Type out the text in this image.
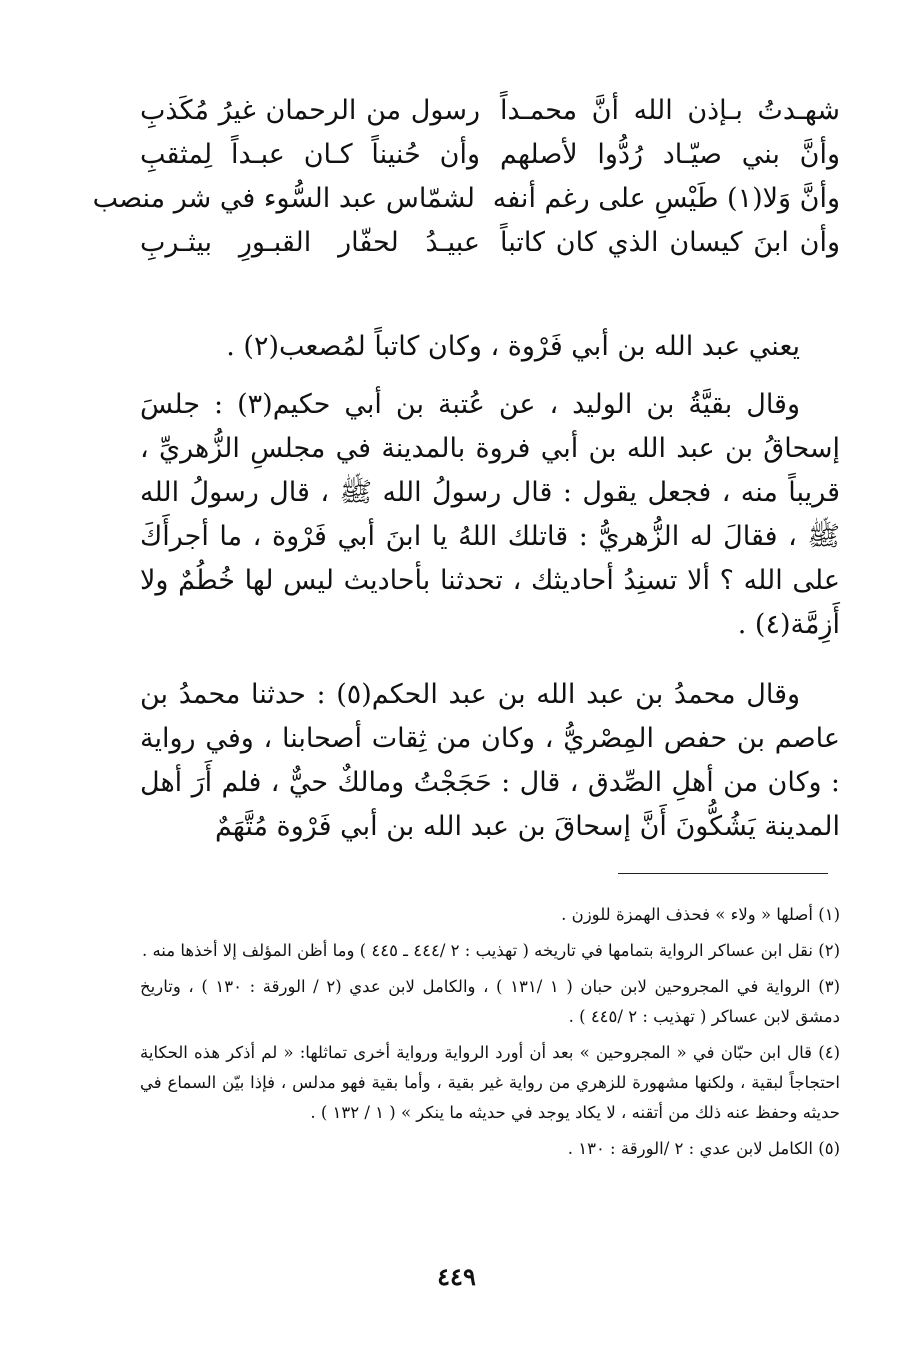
شهـدتُ بـإذن الله أنَّ محمـداً
رسول من الرحمان غيرُ مُكَذبِ
وأنَّ بني صيّـاد رُدُّوا لأصلهم
وأن حُنيناً كـان عبـداً لِمثقبِ
وأنَّ وَلا(١) طَيْسِ على رغم أنفه
لشمّاس عبد السُّوء في شر منصب
وأن ابنَ كيسان الذي كان كاتباً
عبيـدُ لحفّار القبـورِ بيثـربِ

يعني عبد الله بن أبي فَرْوة ، وكان كاتباً لمُصعب(٢) .

وقال بقيَّةُ بن الوليد ، عن عُتبة بن أبي حكيم(٣) : جلسَ إسحاقُ بن عبد الله بن أبي فروة بالمدينة في مجلسِ الزُّهريِّ ، قريباً منه ، فجعل يقول : قال رسولُ الله ﷺ ، قال رسولُ الله ﷺ ، فقالَ له الزُّهريُّ : قاتلك اللهُ يا ابنَ أبي فَرْوة ، ما أجرأَكَ على الله ؟ ألا تسنِدُ أحاديثك ، تحدثنا بأحاديث ليس لها خُطُمٌ ولا أَزِمَّة(٤) .

وقال محمدُ بن عبد الله بن عبد الحكم(٥) : حدثنا محمدُ بن عاصم بن حفص المِصْريُّ ، وكان من ثِقات أصحابنا ، وفي رواية : وكان من أهلِ الصِّدق ، قال : حَجَجْتُ ومالكٌ حيٌّ ، فلم أَرَ أهل المدينة يَشُكُّونَ أَنَّ إسحاقَ بن عبد الله بن أبي فَرْوة مُتَّهَمٌ

(١) أصلها « ولاء » فحذف الهمزة للوزن .
(٢) نقل ابن عساكر الرواية بتمامها في تاريخه ( تهذيب : ٢ /٤٤٤ ـ ٤٤٥ ) وما أظن المؤلف إلا أخذها منه .
(٣) الرواية في المجروحين لابن حبان ( ١ /١٣١ ) ، والكامل لابن عدي (٢ / الورقة : ١٣٠ ) ، وتاريخ دمشق لابن عساكر ( تهذيب : ٢ /٤٤٥ ) .
(٤) قال ابن حبّان في « المجروحين » بعد أن أورد الرواية ورواية أخرى تماثلها: « لم أذكر هذه الحكاية احتجاجاً لبقية ، ولكنها مشهورة للزهري من رواية غير بقية ، وأما بقية فهو مدلس ، فإذا بيّن السماع في حديثه وحفظ عنه ذلك من أتقنه ، لا يكاد يوجد في حديثه ما ينكر » ( ١ / ١٣٢ ) .
(٥) الكامل لابن عدي : ٢ /الورقة : ١٣٠ .
٤٤٩
